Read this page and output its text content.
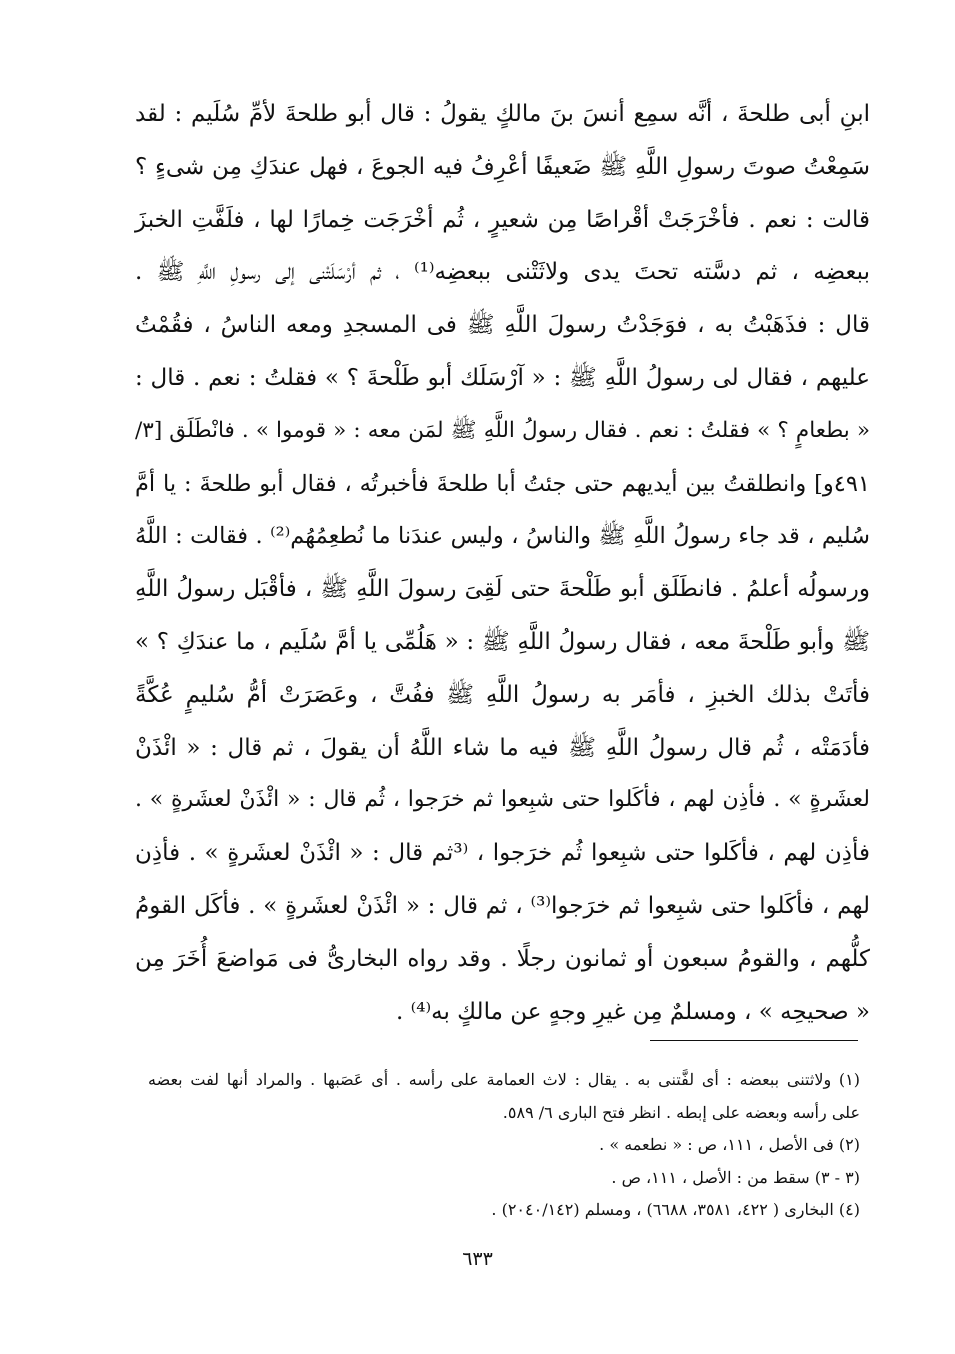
ابنِ أبى طلحةَ ، أنَّه سمِع أنسَ بنَ مالكٍ يقولُ : قال أبو طلحةَ لأمِّ سُلَيم : لقد
سَمِعْتُ صوتَ رسولِ اللَّهِ ﷺ ضَعيفًا أعْرِفُ فيه الجوعَ ، فهل عندَكِ مِن شىءٍ ؟
قالت : نعم . فأخْرَجَتْ أقْراصًا مِن شعيرٍ ، ثُم أخْرَجَت خِمارًا لها ، فلَفَّتِ الخبزَ
ببعضِه ، ثم دسَّته تحتَ يدى ولاثَتْنى ببعضِه⁽¹⁾ ، ثم أرْسَلَتْنى إلى رسولِ اللَّهِ ﷺ .
قال : فذَهَبْتُ به ، فوَجَدْتُ رسولَ اللَّهِ ﷺ فى المسجدِ ومعه الناسُ ، فقُمْتُ
عليهم ، فقال لى رسولُ اللَّهِ ﷺ : « آرْسَلَك أبو طَلْحةَ ؟ » فقلتُ : نعم . قال :
« بطعامٍ ؟ » فقلتُ : نعم . فقال رسولُ اللَّهِ ﷺ لمَن معه : « قوموا » . فانْطَلَق [٣/
٤٩١و] وانطلقتُ بين أيديهم حتى جئتُ أبا طلحةَ فأخبرتُه ، فقال أبو طلحةَ : يا أمَّ
سُليم ، قد جاء رسولُ اللَّهِ ﷺ والناسُ ، وليس عندَنا ما نُطعِمُهُم⁽²⁾ . فقالت : اللَّهُ
ورسولُه أعلمُ . فانطَلَق أبو طَلْحةَ حتى لَقِىَ رسولَ اللَّهِ ﷺ ، فأقْبَل رسولُ اللَّهِ
ﷺ وأبو طَلْحةَ معه ، فقال رسولُ اللَّهِ ﷺ : « هَلُمِّى يا أمَّ سُلَيم ، ما عندَكِ ؟ »
فأتَتْ بذلك الخبزِ ، فأمَر به رسولُ اللَّهِ ﷺ ففُتَّ ، وعَصَرَتْ أمُّ سُليمٍ عُكَّةً
فأدَمَتْه ، ثُم قال رسولُ اللَّهِ ﷺ فيه ما شاء اللَّهُ أن يقولَ ، ثم قال : « ائْذَنْ
لعشَرةٍ » . فأذِن لهم ، فأكَلوا حتى شبِعوا ثم خرَجوا ، ثُم قال : « ائْذَنْ لعشَرةٍ » .
فأذِن لهم ، فأكَلوا حتى شبِعوا ثُم خرَجوا ، ⁽³ثم قال : « ائْذَنْ لعشَرةٍ » . فأذِن
لهم ، فأكَلوا حتى شبِعوا ثم خرَجوا⁽³⁾ ، ثم قال : « ائْذَنْ لعشَرةٍ » . فأكَل القومُ
كلُّهم ، والقومُ سبعون أو ثمانون رجلًا . وقد رواه البخارىُّ فى مَواضعَ أُخَرَ مِن
« صحيحِه » ، ومسلمٌ مِن غيرِ وجهٍ عن مالكٍ به⁽⁴⁾ .
(١) ولاثتنى ببعضه : أى لفَّتنى به . يقال : لاث العمامة على رأسه . أى عَصَبها . والمراد أنها لفت بعضه
على رأسه وبعضه على إبطه . انظر فتح البارى ٦/ ٥٨٩.
(٢) فى الأصل ، ١١١، ص : « نطعمه » .
(٣ - ٣) سقط من : الأصل ، ١١١، ص .
(٤) البخارى ( ٤٢٢، ٣٥٨١، ٦٦٨٨) ، ومسلم (٢٠٤٠/١٤٢) .
٦٣٣
